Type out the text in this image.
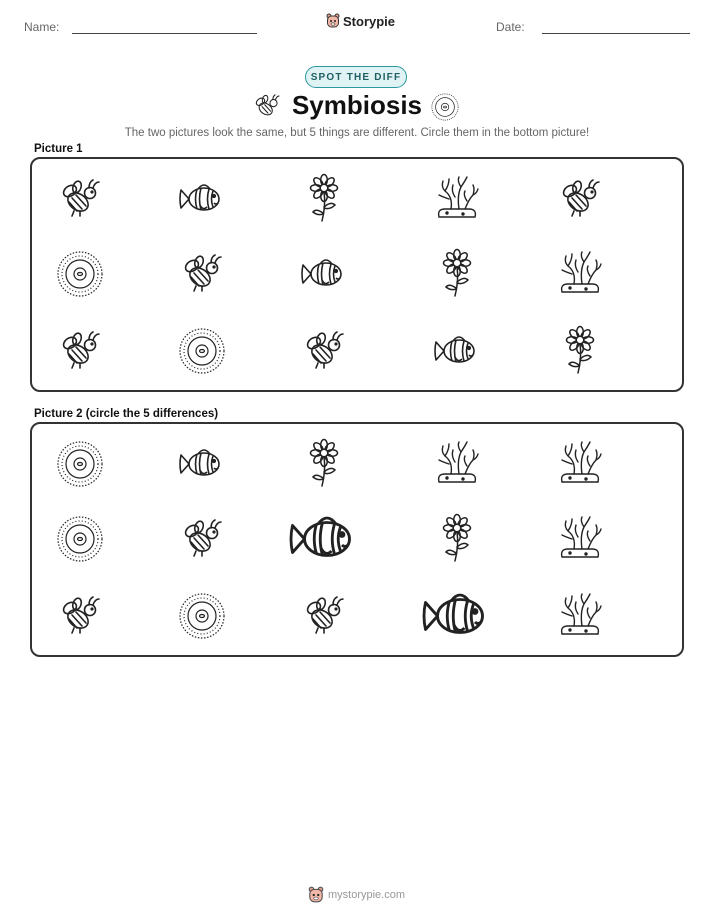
Name:	Storypie	Date:
SPOT THE DIFF
Symbiosis
The two pictures look the same, but 5 things are different. Circle them in the bottom picture!
Picture 1
Picture 2 (circle the 5 differences)
mystorypie.com
